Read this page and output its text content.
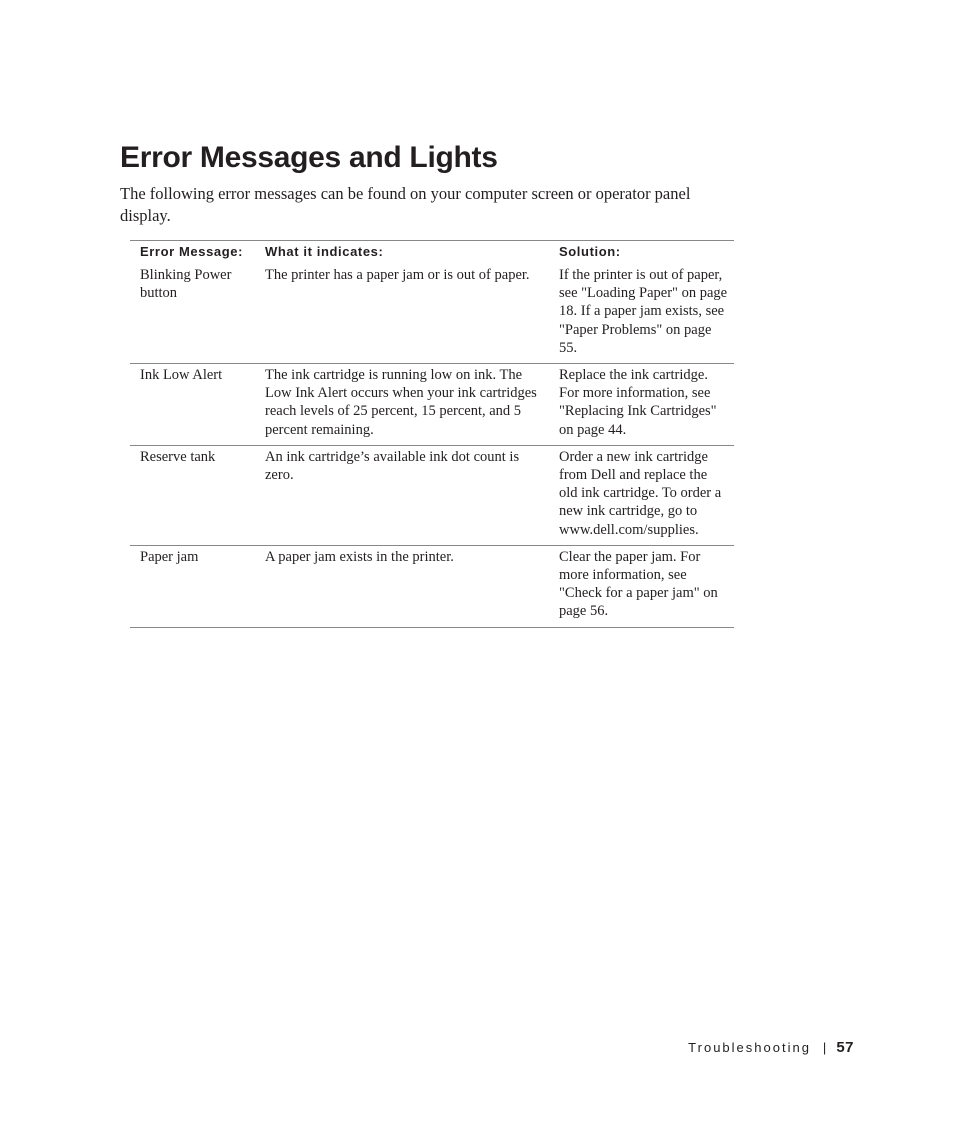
Error Messages and Lights

The following error messages can be found on your computer screen or operator panel display.

Error Message:	What it indicates:	Solution:
Blinking Power button	The printer has a paper jam or is out of paper.	If the printer is out of paper, see "Loading Paper" on page 18. If a paper jam exists, see "Paper Problems" on page 55.
Ink Low Alert	The ink cartridge is running low on ink. The Low Ink Alert occurs when your ink cartridges reach levels of 25 percent, 15 percent, and 5 percent remaining.	Replace the ink cartridge. For more information, see "Replacing Ink Cartridges" on page 44.
Reserve tank	An ink cartridge’s available ink dot count is zero.	Order a new ink cartridge from Dell and replace the old ink cartridge. To order a new ink cartridge, go to www.dell.com/supplies.
Paper jam	A paper jam exists in the printer.	Clear the paper jam. For more information, see "Check for a paper jam" on page 56.
Troubleshooting | 57
